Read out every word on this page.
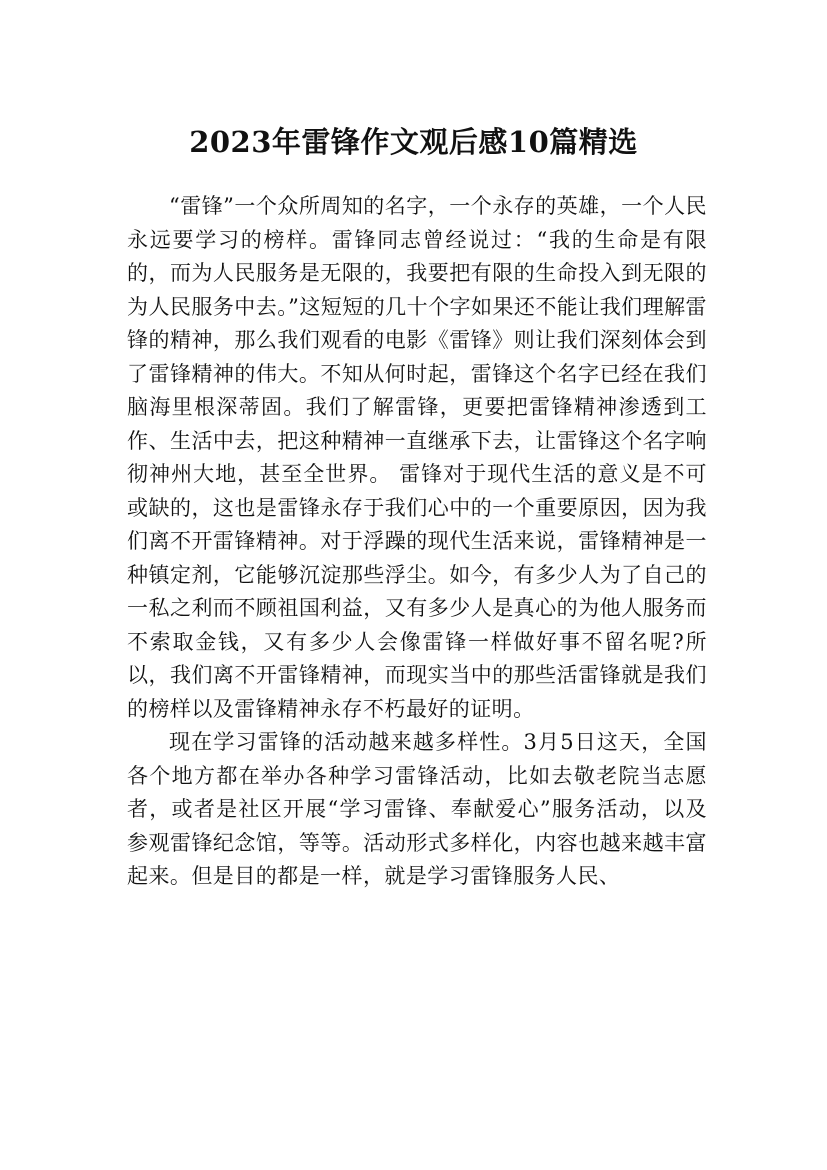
2023年雷锋作文观后感10篇精选

“雷锋”一个众所周知的名字，一个永存的英雄，一个人民永远要学习的榜样。雷锋同志曾经说过：“我的生命是有限的，而为人民服务是无限的，我要把有限的生命投入到无限的为人民服务中去。”这短短的几十个字如果还不能让我们理解雷锋的精神，那么我们观看的电影《雷锋》则让我们深刻体会到了雷锋精神的伟大。不知从何时起，雷锋这个名字已经在我们脑海里根深蒂固。我们了解雷锋，更要把雷锋精神渗透到工作、生活中去，把这种精神一直继承下去，让雷锋这个名字响彻神州大地，甚至全世界。 雷锋对于现代生活的意义是不可或缺的，这也是雷锋永存于我们心中的一个重要原因，因为我们离不开雷锋精神。对于浮躁的现代生活来说，雷锋精神是一种镇定剂，它能够沉淀那些浮尘。如今，有多少人为了自己的一私之利而不顾祖国利益，又有多少人是真心的为他人服务而不索取金钱，又有多少人会像雷锋一样做好事不留名呢?所以，我们离不开雷锋精神，而现实当中的那些活雷锋就是我们的榜样以及雷锋精神永存不朽最好的证明。

现在学习雷锋的活动越来越多样性。3月5日这天，全国各个地方都在举办各种学习雷锋活动，比如去敬老院当志愿者，或者是社区开展“学习雷锋、奉献爱心”服务活动，以及参观雷锋纪念馆，等等。活动形式多样化，内容也越来越丰富起来。但是目的都是一样，就是学习雷锋服务人民、
